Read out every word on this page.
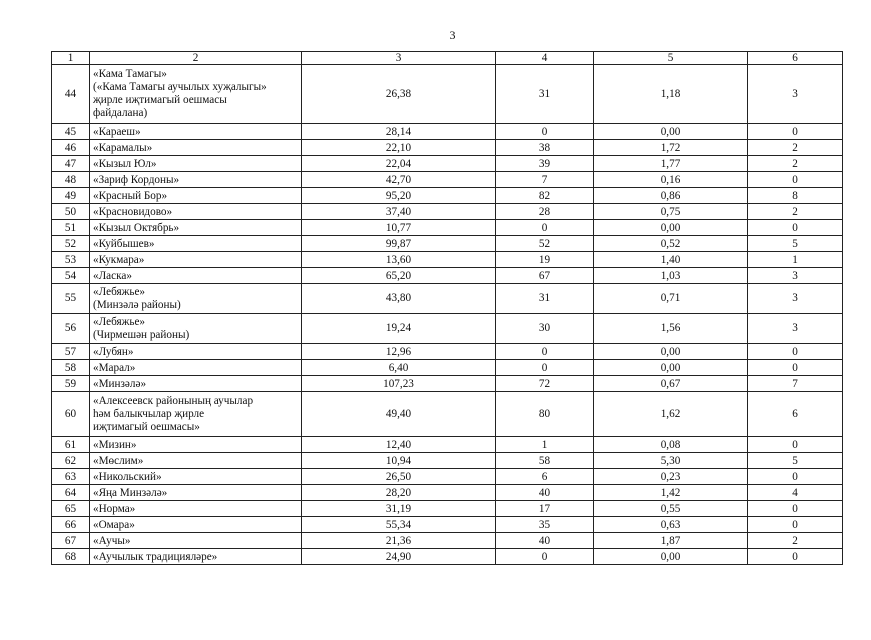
3
1	2	3	4	5	6
44	«Кама Тамагы»
(«Кама Тамагы аучылых хуҗалыгы»
җирле иҗтимагый оешмасы
файдалана)	26,38	31	1,18	3
45	«Караеш»	28,14	0	0,00	0
46	«Карамалы»	22,10	38	1,72	2
47	«Кызыл Юл»	22,04	39	1,77	2
48	«Зариф Кордоны»	42,70	7	0,16	0
49	«Красный Бор»	95,20	82	0,86	8
50	«Красновидово»	37,40	28	0,75	2
51	«Кызыл Октябрь»	10,77	0	0,00	0
52	«Куйбышев»	99,87	52	0,52	5
53	«Кукмара»	13,60	19	1,40	1
54	«Ласка»	65,20	67	1,03	3
55	«Лебяжье»
(Минзәлә районы)	43,80	31	0,71	3
56	«Лебяжье»
(Чирмешән районы)	19,24	30	1,56	3
57	«Лубян»	12,96	0	0,00	0
58	«Марал»	6,40	0	0,00	0
59	«Минзәлә»	107,23	72	0,67	7
60	«Алексеевск районының аучылар
һәм балыкчылар җирле
иҗтимагый оешмасы»	49,40	80	1,62	6
61	«Мизин»	12,40	1	0,08	0
62	«Мөслим»	10,94	58	5,30	5
63	«Никольский»	26,50	6	0,23	0
64	«Яңа Минзәлә»	28,20	40	1,42	4
65	«Норма»	31,19	17	0,55	0
66	«Омара»	55,34	35	0,63	0
67	«Аучы»	21,36	40	1,87	2
68	«Аучылык традицияләре»	24,90	0	0,00	0
